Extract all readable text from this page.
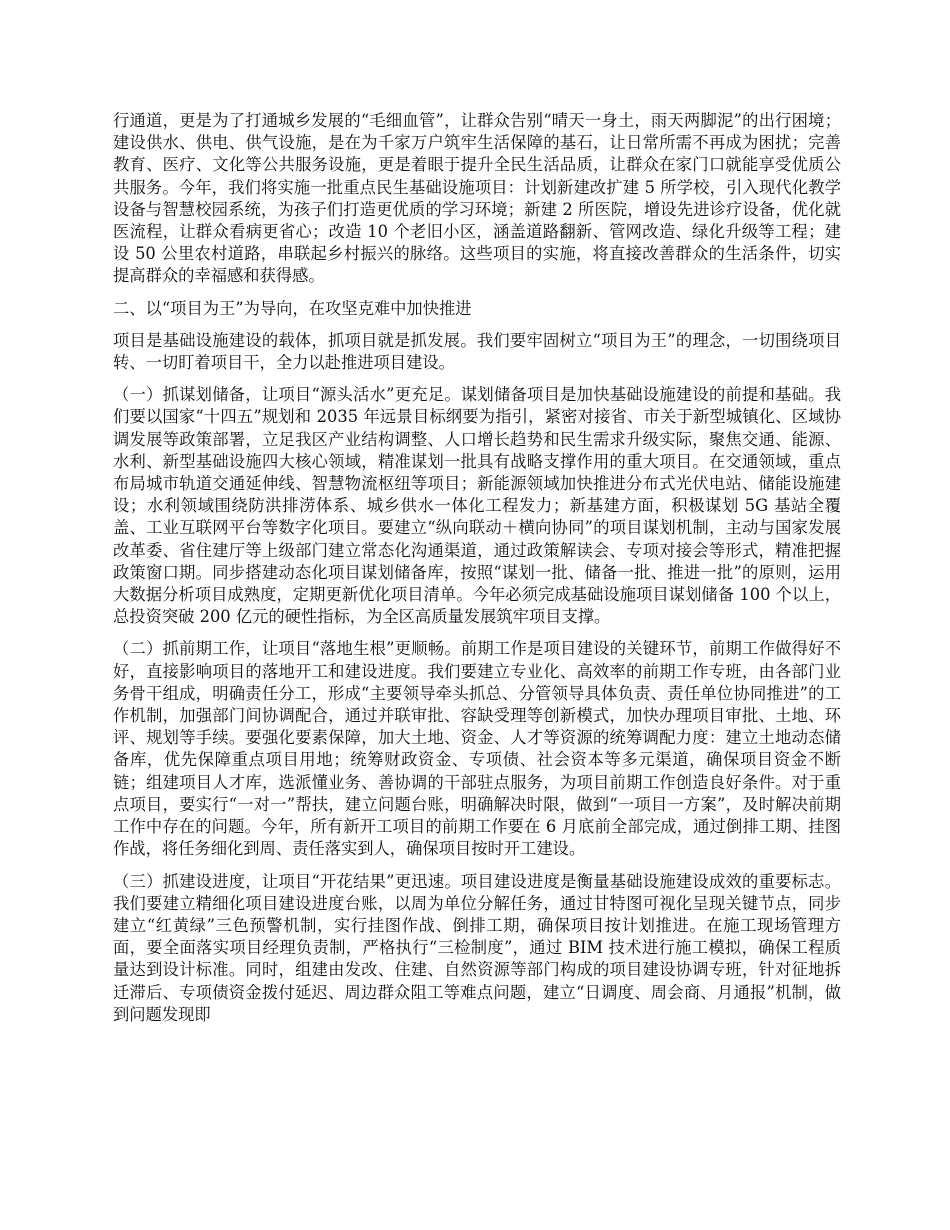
行通道，更是为了打通城乡发展的“毛细血管”，让群众告别“晴天一身土，雨天两脚泥”的出行困境；建设供水、供电、供气设施，是在为千家万户筑牢生活保障的基石，让日常所需不再成为困扰；完善教育、医疗、文化等公共服务设施，更是着眼于提升全民生活品质，让群众在家门口就能享受优质公共服务。今年，我们将实施一批重点民生基础设施项目：计划新建改扩建 5 所学校，引入现代化教学设备与智慧校园系统，为孩子们打造更优质的学习环境；新建 2 所医院，增设先进诊疗设备，优化就医流程，让群众看病更省心；改造 10 个老旧小区，涵盖道路翻新、管网改造、绿化升级等工程；建设 50 公里农村道路，串联起乡村振兴的脉络。这些项目的实施，将直接改善群众的生活条件，切实提高群众的幸福感和获得感。

二、以“项目为王”为导向，在攻坚克难中加快推进

项目是基础设施建设的载体，抓项目就是抓发展。我们要牢固树立“项目为王”的理念，一切围绕项目转、一切盯着项目干，全力以赴推进项目建设。

（一）抓谋划储备，让项目“源头活水”更充足。谋划储备项目是加快基础设施建设的前提和基础。我们要以国家“十四五”规划和 2035 年远景目标纲要为指引，紧密对接省、市关于新型城镇化、区域协调发展等政策部署，立足我区产业结构调整、人口增长趋势和民生需求升级实际，聚焦交通、能源、水利、新型基础设施四大核心领域，精准谋划一批具有战略支撑作用的重大项目。在交通领域，重点布局城市轨道交通延伸线、智慧物流枢纽等项目；新能源领域加快推进分布式光伏电站、储能设施建设；水利领域围绕防洪排涝体系、城乡供水一体化工程发力；新基建方面，积极谋划 5G 基站全覆盖、工业互联网平台等数字化项目。要建立“纵向联动＋横向协同”的项目谋划机制，主动与国家发展改革委、省住建厅等上级部门建立常态化沟通渠道，通过政策解读会、专项对接会等形式，精准把握政策窗口期。同步搭建动态化项目谋划储备库，按照“谋划一批、储备一批、推进一批”的原则，运用大数据分析项目成熟度，定期更新优化项目清单。今年必须完成基础设施项目谋划储备 100 个以上，总投资突破 200 亿元的硬性指标，为全区高质量发展筑牢项目支撑。

（二）抓前期工作，让项目“落地生根”更顺畅。前期工作是项目建设的关键环节，前期工作做得好不好，直接影响项目的落地开工和建设进度。我们要建立专业化、高效率的前期工作专班，由各部门业务骨干组成，明确责任分工，形成“主要领导牵头抓总、分管领导具体负责、责任单位协同推进”的工作机制，加强部门间协调配合，通过并联审批、容缺受理等创新模式，加快办理项目审批、土地、环评、规划等手续。要强化要素保障，加大土地、资金、人才等资源的统筹调配力度：建立土地动态储备库，优先保障重点项目用地；统筹财政资金、专项债、社会资本等多元渠道，确保项目资金不断链；组建项目人才库，选派懂业务、善协调的干部驻点服务，为项目前期工作创造良好条件。对于重点项目，要实行“一对一”帮扶，建立问题台账，明确解决时限，做到“一项目一方案”，及时解决前期工作中存在的问题。今年，所有新开工项目的前期工作要在 6 月底前全部完成，通过倒排工期、挂图作战，将任务细化到周、责任落实到人，确保项目按时开工建设。

（三）抓建设进度，让项目“开花结果”更迅速。项目建设进度是衡量基础设施建设成效的重要标志。我们要建立精细化项目建设进度台账，以周为单位分解任务，通过甘特图可视化呈现关键节点，同步建立“红黄绿”三色预警机制，实行挂图作战、倒排工期，确保项目按计划推进。在施工现场管理方面，要全面落实项目经理负责制，严格执行“三检制度”，通过 BIM 技术进行施工模拟，确保工程质量达到设计标准。同时，组建由发改、住建、自然资源等部门构成的项目建设协调专班，针对征地拆迁滞后、专项债资金拨付延迟、周边群众阻工等难点问题，建立“日调度、周会商、月通报”机制，做到问题发现即
